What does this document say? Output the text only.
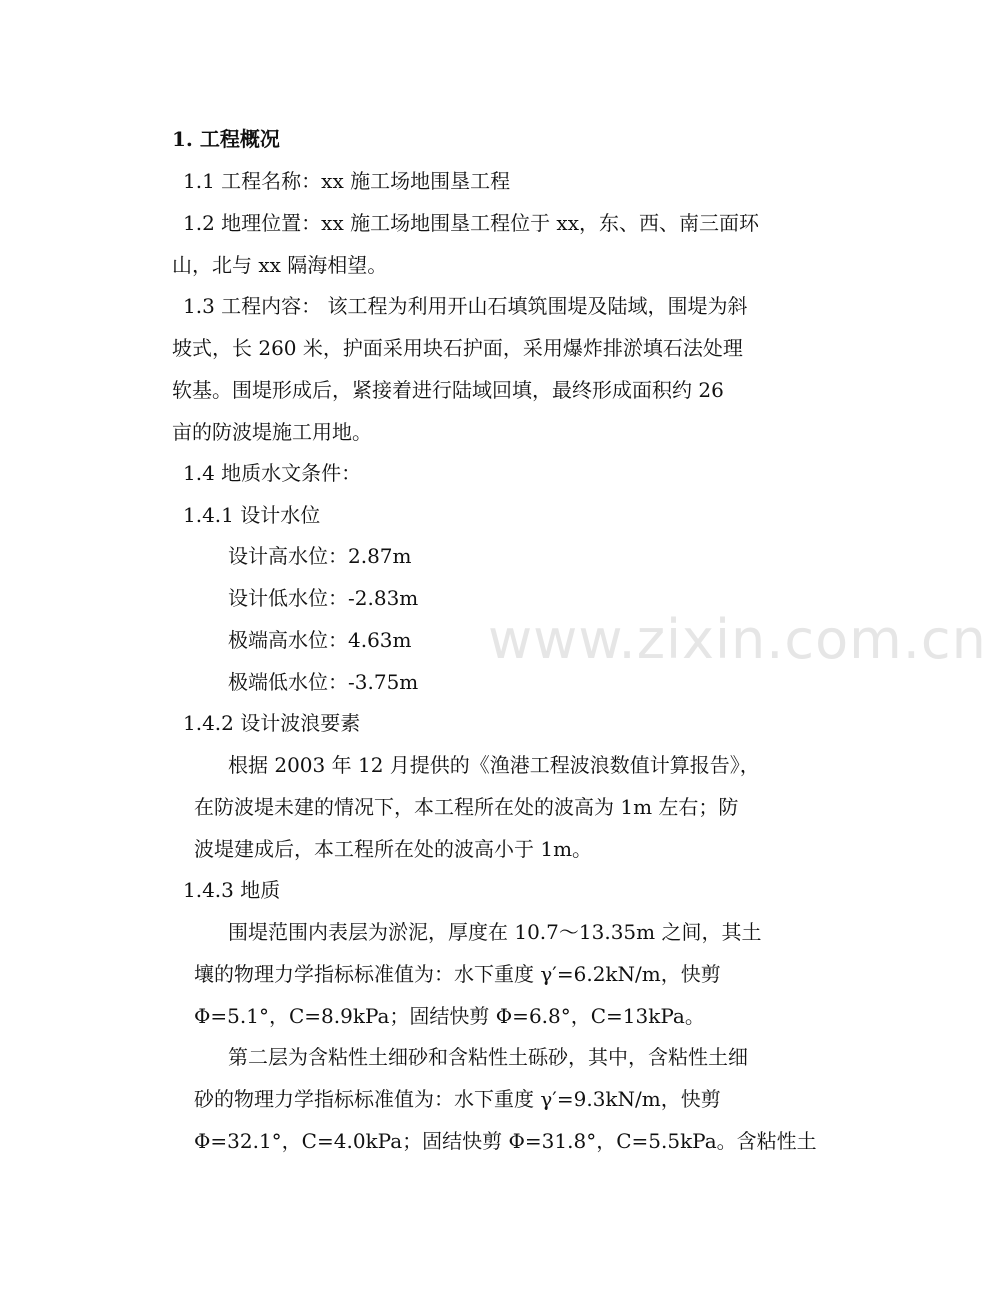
www.zixin.com.cn
1. 工程概况
1.1 工程名称：xx 施工场地围垦工程
1.2 地理位置：xx 施工场地围垦工程位于 xx，东、西、南三面环
山，北与 xx 隔海相望。
1.3 工程内容： 该工程为利用开山石填筑围堤及陆域，围堤为斜
坡式，长 260 米，护面采用块石护面，采用爆炸排淤填石法处理
软基。围堤形成后，紧接着进行陆域回填，最终形成面积约 26
亩的防波堤施工用地。
1.4 地质水文条件：
1.4.1 设计水位
设计高水位：2.87m
设计低水位：-2.83m
极端高水位：4.63m
极端低水位：-3.75m
1.4.2 设计波浪要素
根据 2003 年 12 月提供的《渔港工程波浪数值计算报告》，
在防波堤未建的情况下，本工程所在处的波高为 1m 左右；防
波堤建成后，本工程所在处的波高小于 1m。
1.4.3 地质
围堤范围内表层为淤泥，厚度在 10.7～13.35m 之间，其土
壤的物理力学指标标准值为：水下重度 γ′=6.2kN/m，快剪
Φ=5.1°，C=8.9kPa；固结快剪 Φ=6.8°，C=13kPa。
第二层为含粘性土细砂和含粘性土砾砂，其中，含粘性土细
砂的物理力学指标标准值为：水下重度 γ′=9.3kN/m，快剪
Φ=32.1°，C=4.0kPa；固结快剪 Φ=31.8°，C=5.5kPa。含粘性土
